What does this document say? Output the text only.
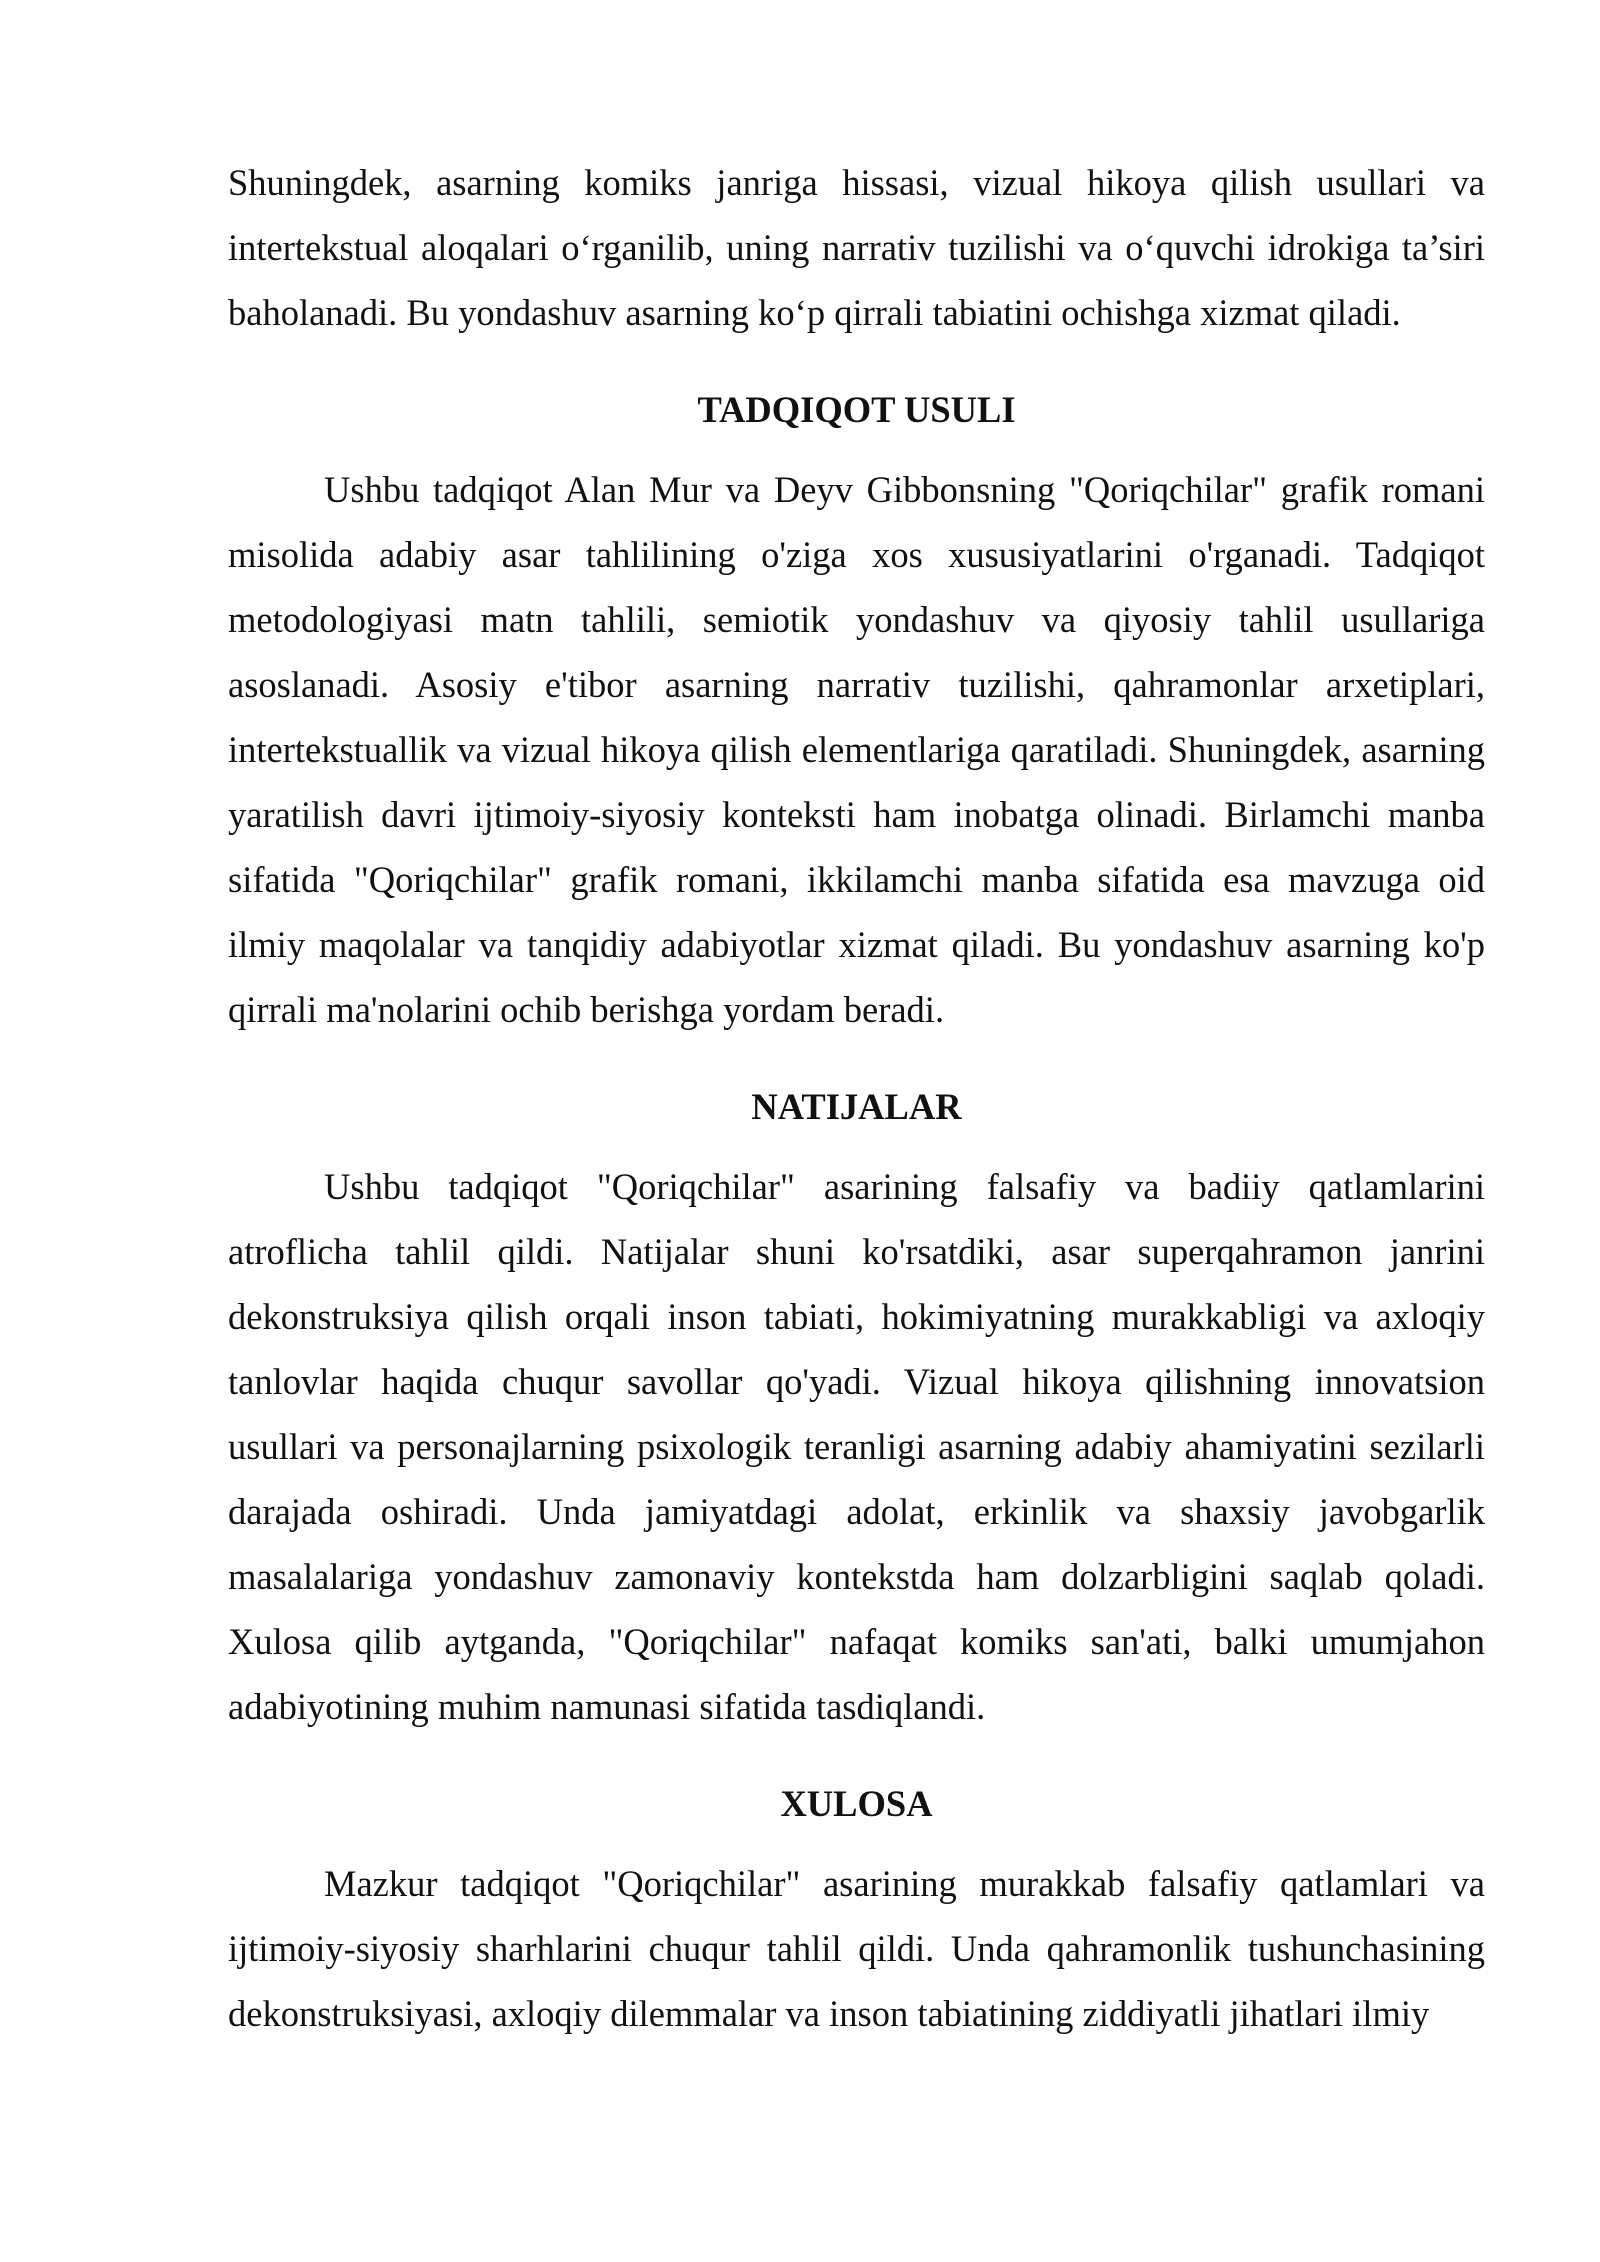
Shuningdek, asarning komiks janriga hissasi, vizual hikoya qilish usullari va intertekstual aloqalari o‘rganilib, uning narrativ tuzilishi va o‘quvchi idrokiga ta’siri baholanadi. Bu yondashuv asarning ko‘p qirrali tabiatini ochishga xizmat qiladi.

TADQIQOT USULI

Ushbu tadqiqot Alan Mur va Deyv Gibbonsning "Qoriqchilar" grafik romani misolida adabiy asar tahlilining o'ziga xos xususiyatlarini o'rganadi. Tadqiqot metodologiyasi matn tahlili, semiotik yondashuv va qiyosiy tahlil usullariga asoslanadi. Asosiy e'tibor asarning narrativ tuzilishi, qahramonlar arxetiplari, intertekstuallik va vizual hikoya qilish elementlariga qaratiladi. Shuningdek, asarning yaratilish davri ijtimoiy-siyosiy konteksti ham inobatga olinadi. Birlamchi manba sifatida "Qoriqchilar" grafik romani, ikkilamchi manba sifatida esa mavzuga oid ilmiy maqolalar va tanqidiy adabiyotlar xizmat qiladi. Bu yondashuv asarning ko'p qirrali ma'nolarini ochib berishga yordam beradi.

NATIJALAR

Ushbu tadqiqot "Qoriqchilar" asarining falsafiy va badiiy qatlamlarini atroflicha tahlil qildi. Natijalar shuni ko'rsatdiki, asar superqahramon janrini dekonstruksiya qilish orqali inson tabiati, hokimiyatning murakkabligi va axloqiy tanlovlar haqida chuqur savollar qo'yadi. Vizual hikoya qilishning innovatsion usullari va personajlarning psixologik teranligi asarning adabiy ahamiyatini sezilarli darajada oshiradi. Unda jamiyatdagi adolat, erkinlik va shaxsiy javobgarlik masalalariga yondashuv zamonaviy kontekstda ham dolzarbligini saqlab qoladi. Xulosa qilib aytganda, "Qoriqchilar" nafaqat komiks san'ati, balki umumjahon adabiyotining muhim namunasi sifatida tasdiqlandi.

XULOSA

Mazkur tadqiqot "Qoriqchilar" asarining murakkab falsafiy qatlamlari va ijtimoiy-siyosiy sharhlarini chuqur tahlil qildi. Unda qahramonlik tushunchasining dekonstruksiyasi, axloqiy dilemmalar va inson tabiatining ziddiyatli jihatlari ilmiy
